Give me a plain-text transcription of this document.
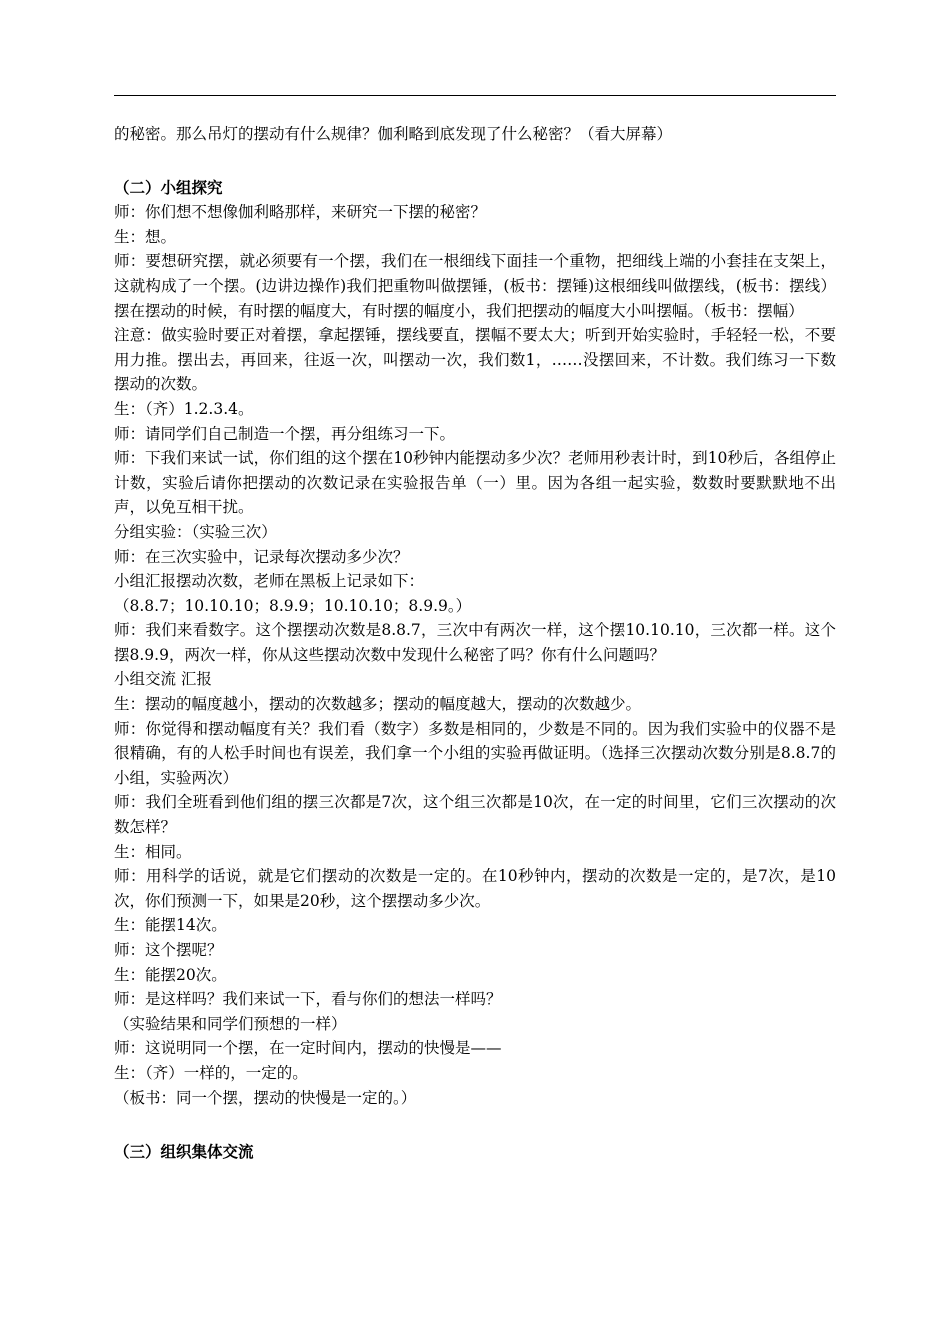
的秘密。那么吊灯的摆动有什么规律？伽利略到底发现了什么秘密？（看大屏幕）

（二）小组探究

师：你们想不想像伽利略那样，来研究一下摆的秘密？

生：想。

师：要想研究摆，就必须要有一个摆，我们在一根细线下面挂一个重物，把细线上端的小套挂在支架上，这就构成了一个摆。(边讲边操作)我们把重物叫做摆锤，(板书：摆锤)这根细线叫做摆线，(板书：摆线）摆在摆动的时候，有时摆的幅度大，有时摆的幅度小，我们把摆动的幅度大小叫摆幅。（板书：摆幅）

注意：做实验时要正对着摆，拿起摆锤，摆线要直，摆幅不要太大；听到开始实验时，手轻轻一松，不要用力推。摆出去，再回来，往返一次，叫摆动一次，我们数1，……没摆回来，不计数。我们练习一下数摆动的次数。

生：（齐）1.2.3.4。

师：请同学们自己制造一个摆，再分组练习一下。

师：下我们来试一试，你们组的这个摆在10秒钟内能摆动多少次？老师用秒表计时，到10秒后，各组停止计数，实验后请你把摆动的次数记录在实验报告单（一）里。因为各组一起实验，数数时要默默地不出声，以免互相干扰。

分组实验：（实验三次）

师：在三次实验中，记录每次摆动多少次？

小组汇报摆动次数，老师在黑板上记录如下：

（8.8.7；10.10.10；8.9.9；10.10.10；8.9.9。）

师：我们来看数字。这个摆摆动次数是8.8.7，三次中有两次一样，这个摆10.10.10，三次都一样。这个摆8.9.9，两次一样，你从这些摆动次数中发现什么秘密了吗？你有什么问题吗？

小组交流 汇报

生：摆动的幅度越小，摆动的次数越多；摆动的幅度越大，摆动的次数越少。

师：你觉得和摆动幅度有关？我们看（数字）多数是相同的，少数是不同的。因为我们实验中的仪器不是很精确，有的人松手时间也有误差，我们拿一个小组的实验再做证明。（选择三次摆动次数分别是8.8.7的小组，实验两次）

师：我们全班看到他们组的摆三次都是7次，这个组三次都是10次，在一定的时间里，它们三次摆动的次数怎样？

生：相同。

师：用科学的话说，就是它们摆动的次数是一定的。在10秒钟内，摆动的次数是一定的，是7次，是10次，你们预测一下，如果是20秒，这个摆摆动多少次。

生：能摆14次。

师：这个摆呢？

生：能摆20次。

师：是这样吗？我们来试一下，看与你们的想法一样吗？

（实验结果和同学们预想的一样）

师：这说明同一个摆，在一定时间内，摆动的快慢是——

生：（齐）一样的，一定的。

（板书：同一个摆，摆动的快慢是一定的。）

（三）组织集体交流
